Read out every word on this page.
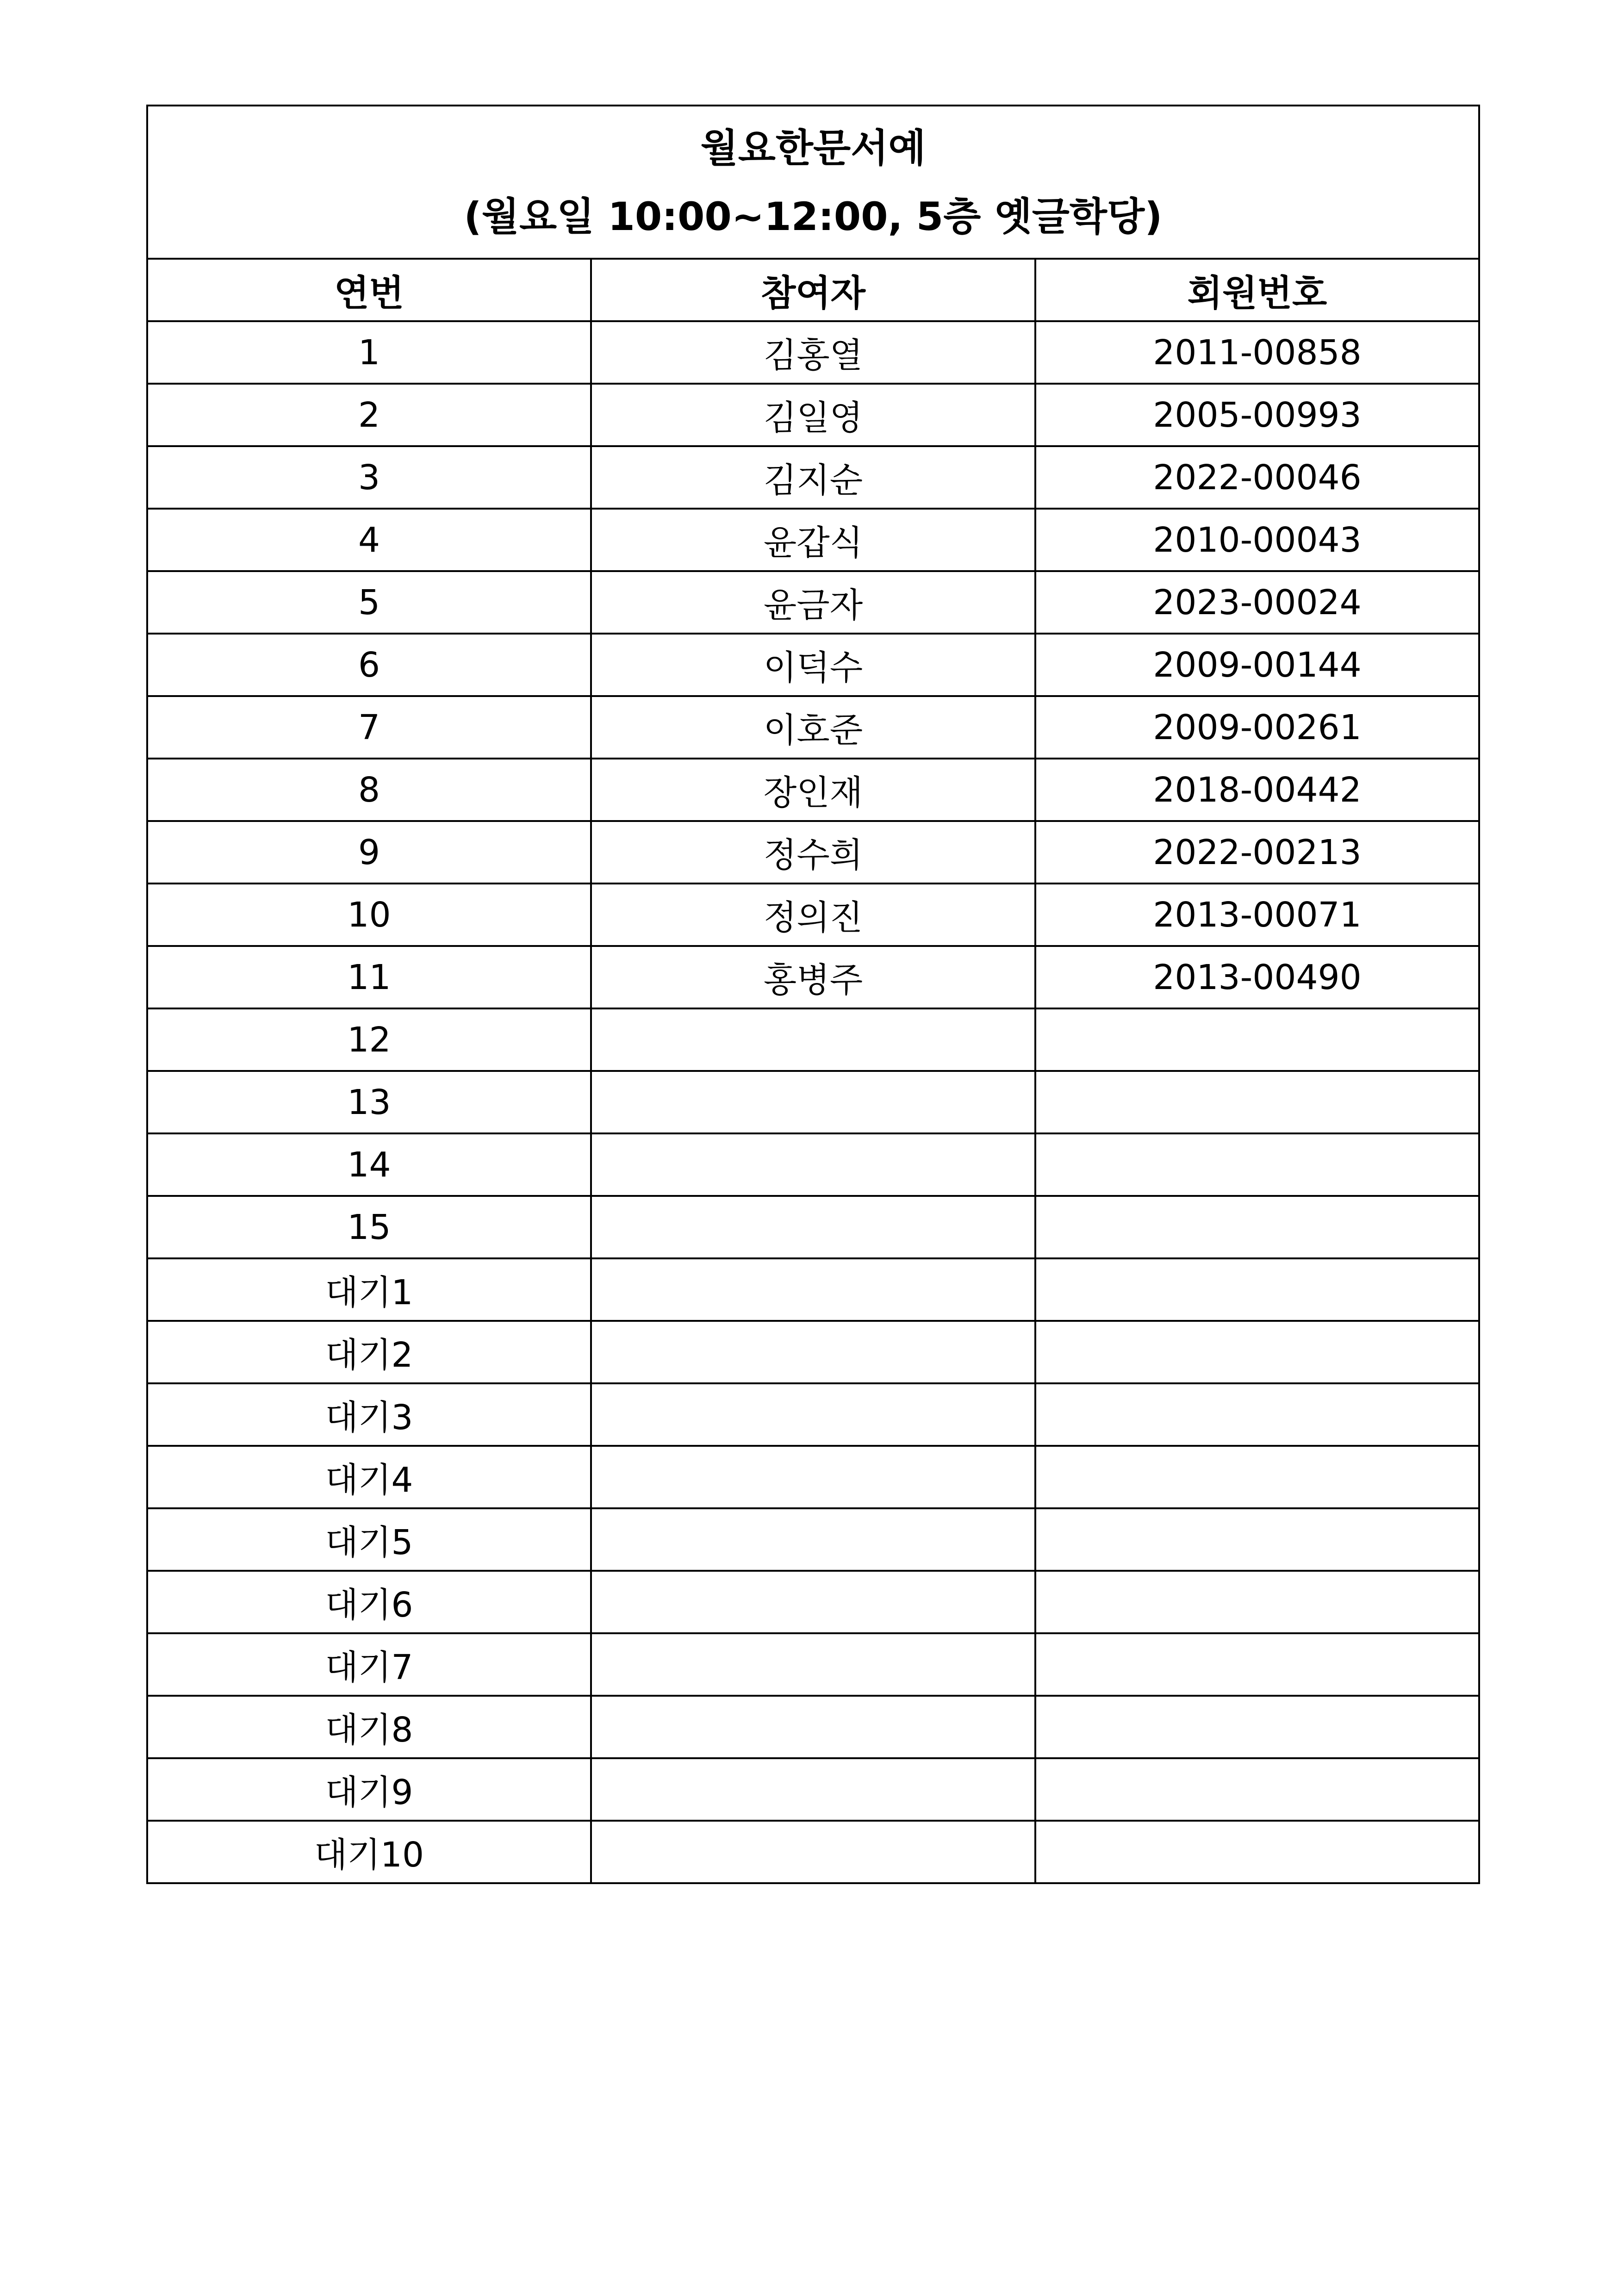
월요한문서예
(월요일 10:00~12:00, 5층 옛글학당)		

연번	참여자	회원번호
1	김홍열	2011-00858
2	김일영	2005-00993
3	김지순	2022-00046
4	윤갑식	2010-00043
5	윤금자	2023-00024
6	이덕수	2009-00144
7	이호준	2009-00261
8	장인재	2018-00442
9	정수희	2022-00213
10	정의진	2013-00071
11	홍병주	2013-00490
12		
13		
14		
15		
대기1		
대기2		
대기3		
대기4		
대기5		
대기6		
대기7		
대기8		
대기9		
대기10		
